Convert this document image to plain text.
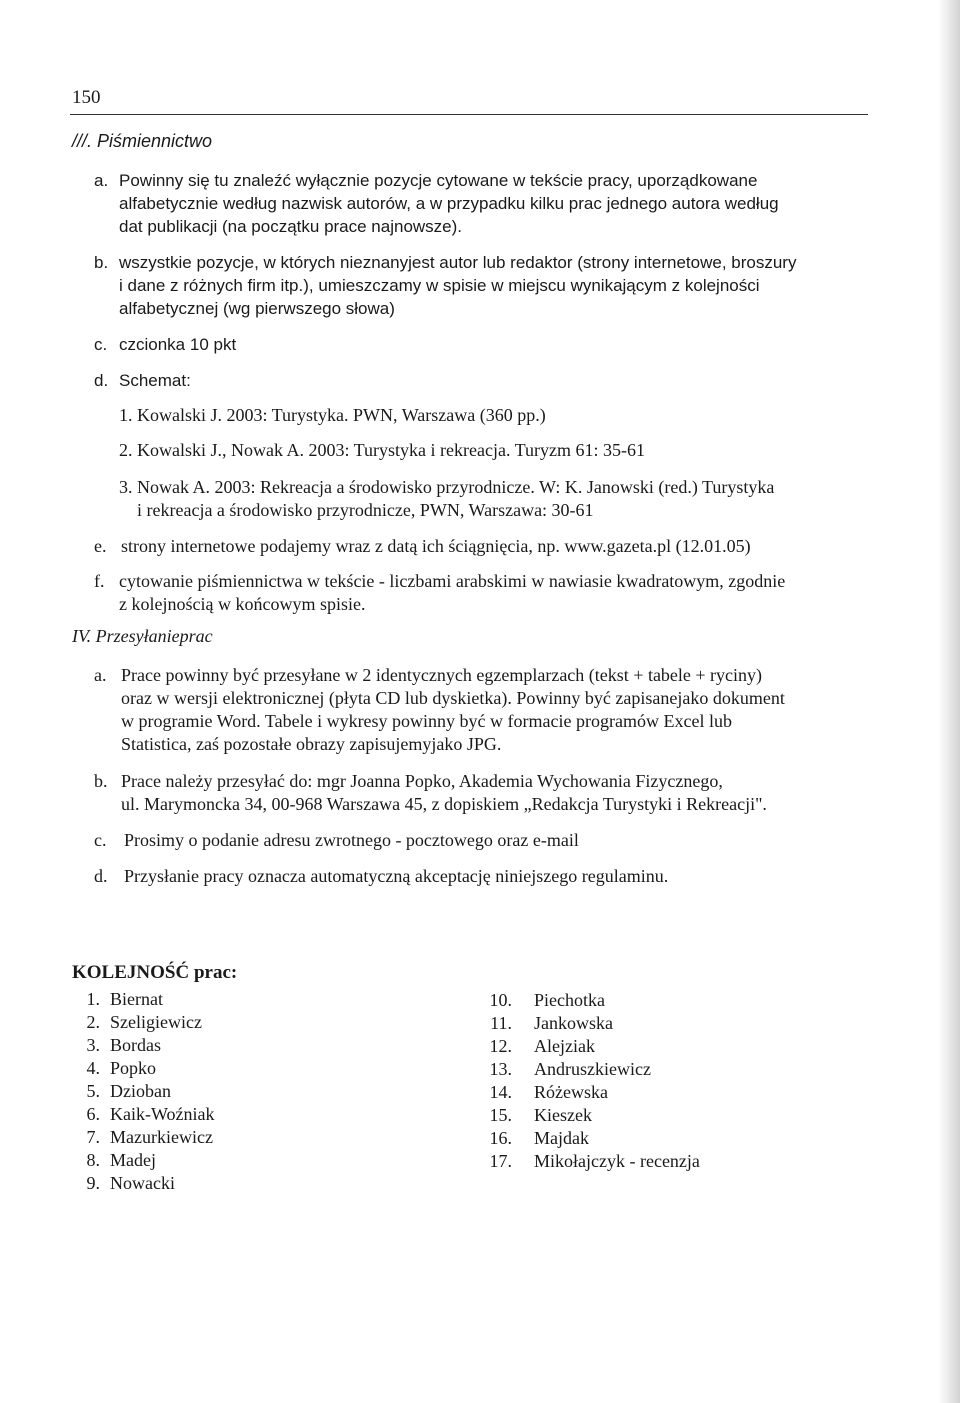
150
///. Piśmiennictwo
a. Powinny się tu znaleźć wyłącznie pozycje cytowane w tekście pracy, uporządkowane
alfabetycznie według nazwisk autorów, a w przypadku kilku prac jednego autora według
dat publikacji (na początku prace najnowsze).
b. wszystkie pozycje, w których nieznanyjest autor lub redaktor (strony internetowe, broszury
i dane z różnych firm itp.), umieszczamy w spisie w miejscu wynikającym z kolejności
alfabetycznej (wg pierwszego słowa)
c. czcionka 10 pkt
d. Schemat:
1. Kowalski J. 2003: Turystyka. PWN, Warszawa (360 pp.)
2. Kowalski J., Nowak A. 2003: Turystyka i rekreacja. Turyzm 61: 35-61
3. Nowak A. 2003: Rekreacja a środowisko przyrodnicze. W: K. Janowski (red.) Turystyka
i rekreacja a środowisko przyrodnicze, PWN, Warszawa: 30-61
e. strony internetowe podajemy wraz z datą ich ściągnięcia, np. www.gazeta.pl (12.01.05)
f. cytowanie piśmiennictwa w tekście - liczbami arabskimi w nawiasie kwadratowym, zgodnie
z kolejnością w końcowym spisie.
IV. Przesyłanieprac
a. Prace powinny być przesyłane w 2 identycznych egzemplarzach (tekst + tabele + ryciny)
oraz w wersji elektronicznej (płyta CD lub dyskietka). Powinny być zapisanejako dokument
w programie Word. Tabele i wykresy powinny być w formacie programów Excel lub
Statistica, zaś pozostałe obrazy zapisujemyjako JPG.
b. Prace należy przesyłać do: mgr Joanna Popko, Akademia Wychowania Fizycznego,
ul. Marymoncka 34, 00-968 Warszawa 45, z dopiskiem „Redakcja Turystyki i Rekreacji".
c. Prosimy o podanie adresu zwrotnego - pocztowego oraz e-mail
d. Przysłanie pracy oznacza automatyczną akceptację niniejszego regulaminu.
KOLEJNOŚĆ prac:
1. Biernat
2. Szeligiewicz
3. Bordas
4. Popko
5. Dzioban
6. Kaik-Woźniak
7. Mazurkiewicz
8. Madej
9. Nowacki
10.	Piechotka
11.	Jankowska
12.	Alejziak
13.	Andruszkiewicz
14.	Różewska
15.	Kieszek
16.	Majdak
17.	Mikołajczyk - recenzja
